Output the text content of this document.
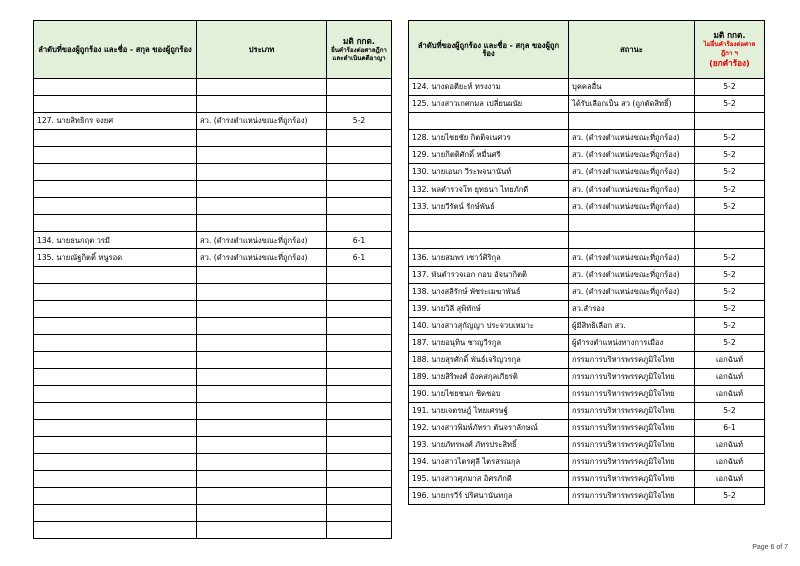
ลำดับที่ของผู้ถูกร้อง และชื่อ - สกุล ของผู้ถูกร้อง	ประเภท	มติ กกต.
ยื่นคำร้องต่อศาลฎีกา
และดำเนินคดีอาญา

127. นายสิทธิกร จงยศ	สว. (ดำรงตำแหน่งขณะที่ถูกร้อง)	5-2

134. นายธนกฤต วรมี	สว. (ดำรงตำแหน่งขณะที่ถูกร้อง)	6-1
135. นายณัฐกิตติ์ หนูรอด	สว. (ดำรงตำแหน่งขณะที่ถูกร้อง)	6-1

ลำดับที่ของผู้ถูกร้อง และชื่อ - สกุล ของผู้ถูกร้อง	สถานะ	มติ กกต.
ไม่ยื่นคำร้องต่อศาลฎีกา ฯ
(ยกคำร้อง)

124. นางดอตียะห์ ทรงงาม	บุคคลอื่น	5-2
125. นางสาวเกศกมล เปลี่ยนผนัย	ได้รับเลือกเป็น สว (ถูกตัดสิทธิ์)	5-2

128. นายไชยชัย กิตติจเนศวร	สว. (ดำรงตำแหน่งขณะที่ถูกร้อง)	5-2
129. นายกิตติศักดิ์ หมื่นศรี	สว. (ดำรงตำแหน่งขณะที่ถูกร้อง)	5-2
130. นายเอนก วีระพจนานันท์	สว. (ดำรงตำแหน่งขณะที่ถูกร้อง)	5-2
132. พลตำรวจโท ยุทธนา ไทยภักดี	สว. (ดำรงตำแหน่งขณะที่ถูกร้อง)	5-2
133. นายวีรัตน์ รักษ์พันธ์	สว. (ดำรงตำแหน่งขณะที่ถูกร้อง)	5-2

136. นายสมพร เชาว์ศิริกุล	สว. (ดำรงตำแหน่งขณะที่ถูกร้อง)	5-2
137. พันตำรวจเอก กอบ อัจนากิตติ	สว. (ดำรงตำแหน่งขณะที่ถูกร้อง)	5-2
138. นางสลีรักษ์ พัชระเมฆาพันธ์	สว. (ดำรงตำแหน่งขณะที่ถูกร้อง)	5-2
139. นายวิลี สุพิทักษ์	สว.สำรอง	5-2
140. นางสาวสุกัญญา ประจวบเหมาะ	ผู้มีสิทธิเลือก สว.	5-2
187. นายอนุทิน ชาญวีรกูล	ผู้ดำรงตำแหน่งทางการเมือง	5-2
188. นายสุรศักดิ์ พันธ์เจริญวรกุล	กรรมการบริหารพรรคภูมิใจไทย	เอกฉันท์
189. นายสิริพงศ์ อังคสกุลเกียรติ	กรรมการบริหารพรรคภูมิใจไทย	เอกฉันท์
190. นายไชยชนก ชิดชอบ	กรรมการบริหารพรรคภูมิใจไทย	เอกฉันท์
191. นายเจตรษฎ์ ไทยเศรษฐ์	กรรมการบริหารพรรคภูมิใจไทย	5-2
192. นางสาวพิมพ์ภัทรา ตันจราลักษณ์	กรรมการบริหารพรรคภูมิใจไทย	6-1
193. นายภัทรพงศ์ ภัทรประสิทธิ์	กรรมการบริหารพรรคภูมิใจไทย	เอกฉันท์
194. นางสาวไตรศุลี ไตรสรณกุล	กรรมการบริหารพรรคภูมิใจไทย	เอกฉันท์
195. นางสาวศุภมาส อิศรภักดี	กรรมการบริหารพรรคภูมิใจไทย	เอกฉันท์
196. นายกรวีร์ ปริศนานันทกุล	กรรมการบริหารพรรคภูมิใจไทย	5-2
Page 6 of 7
